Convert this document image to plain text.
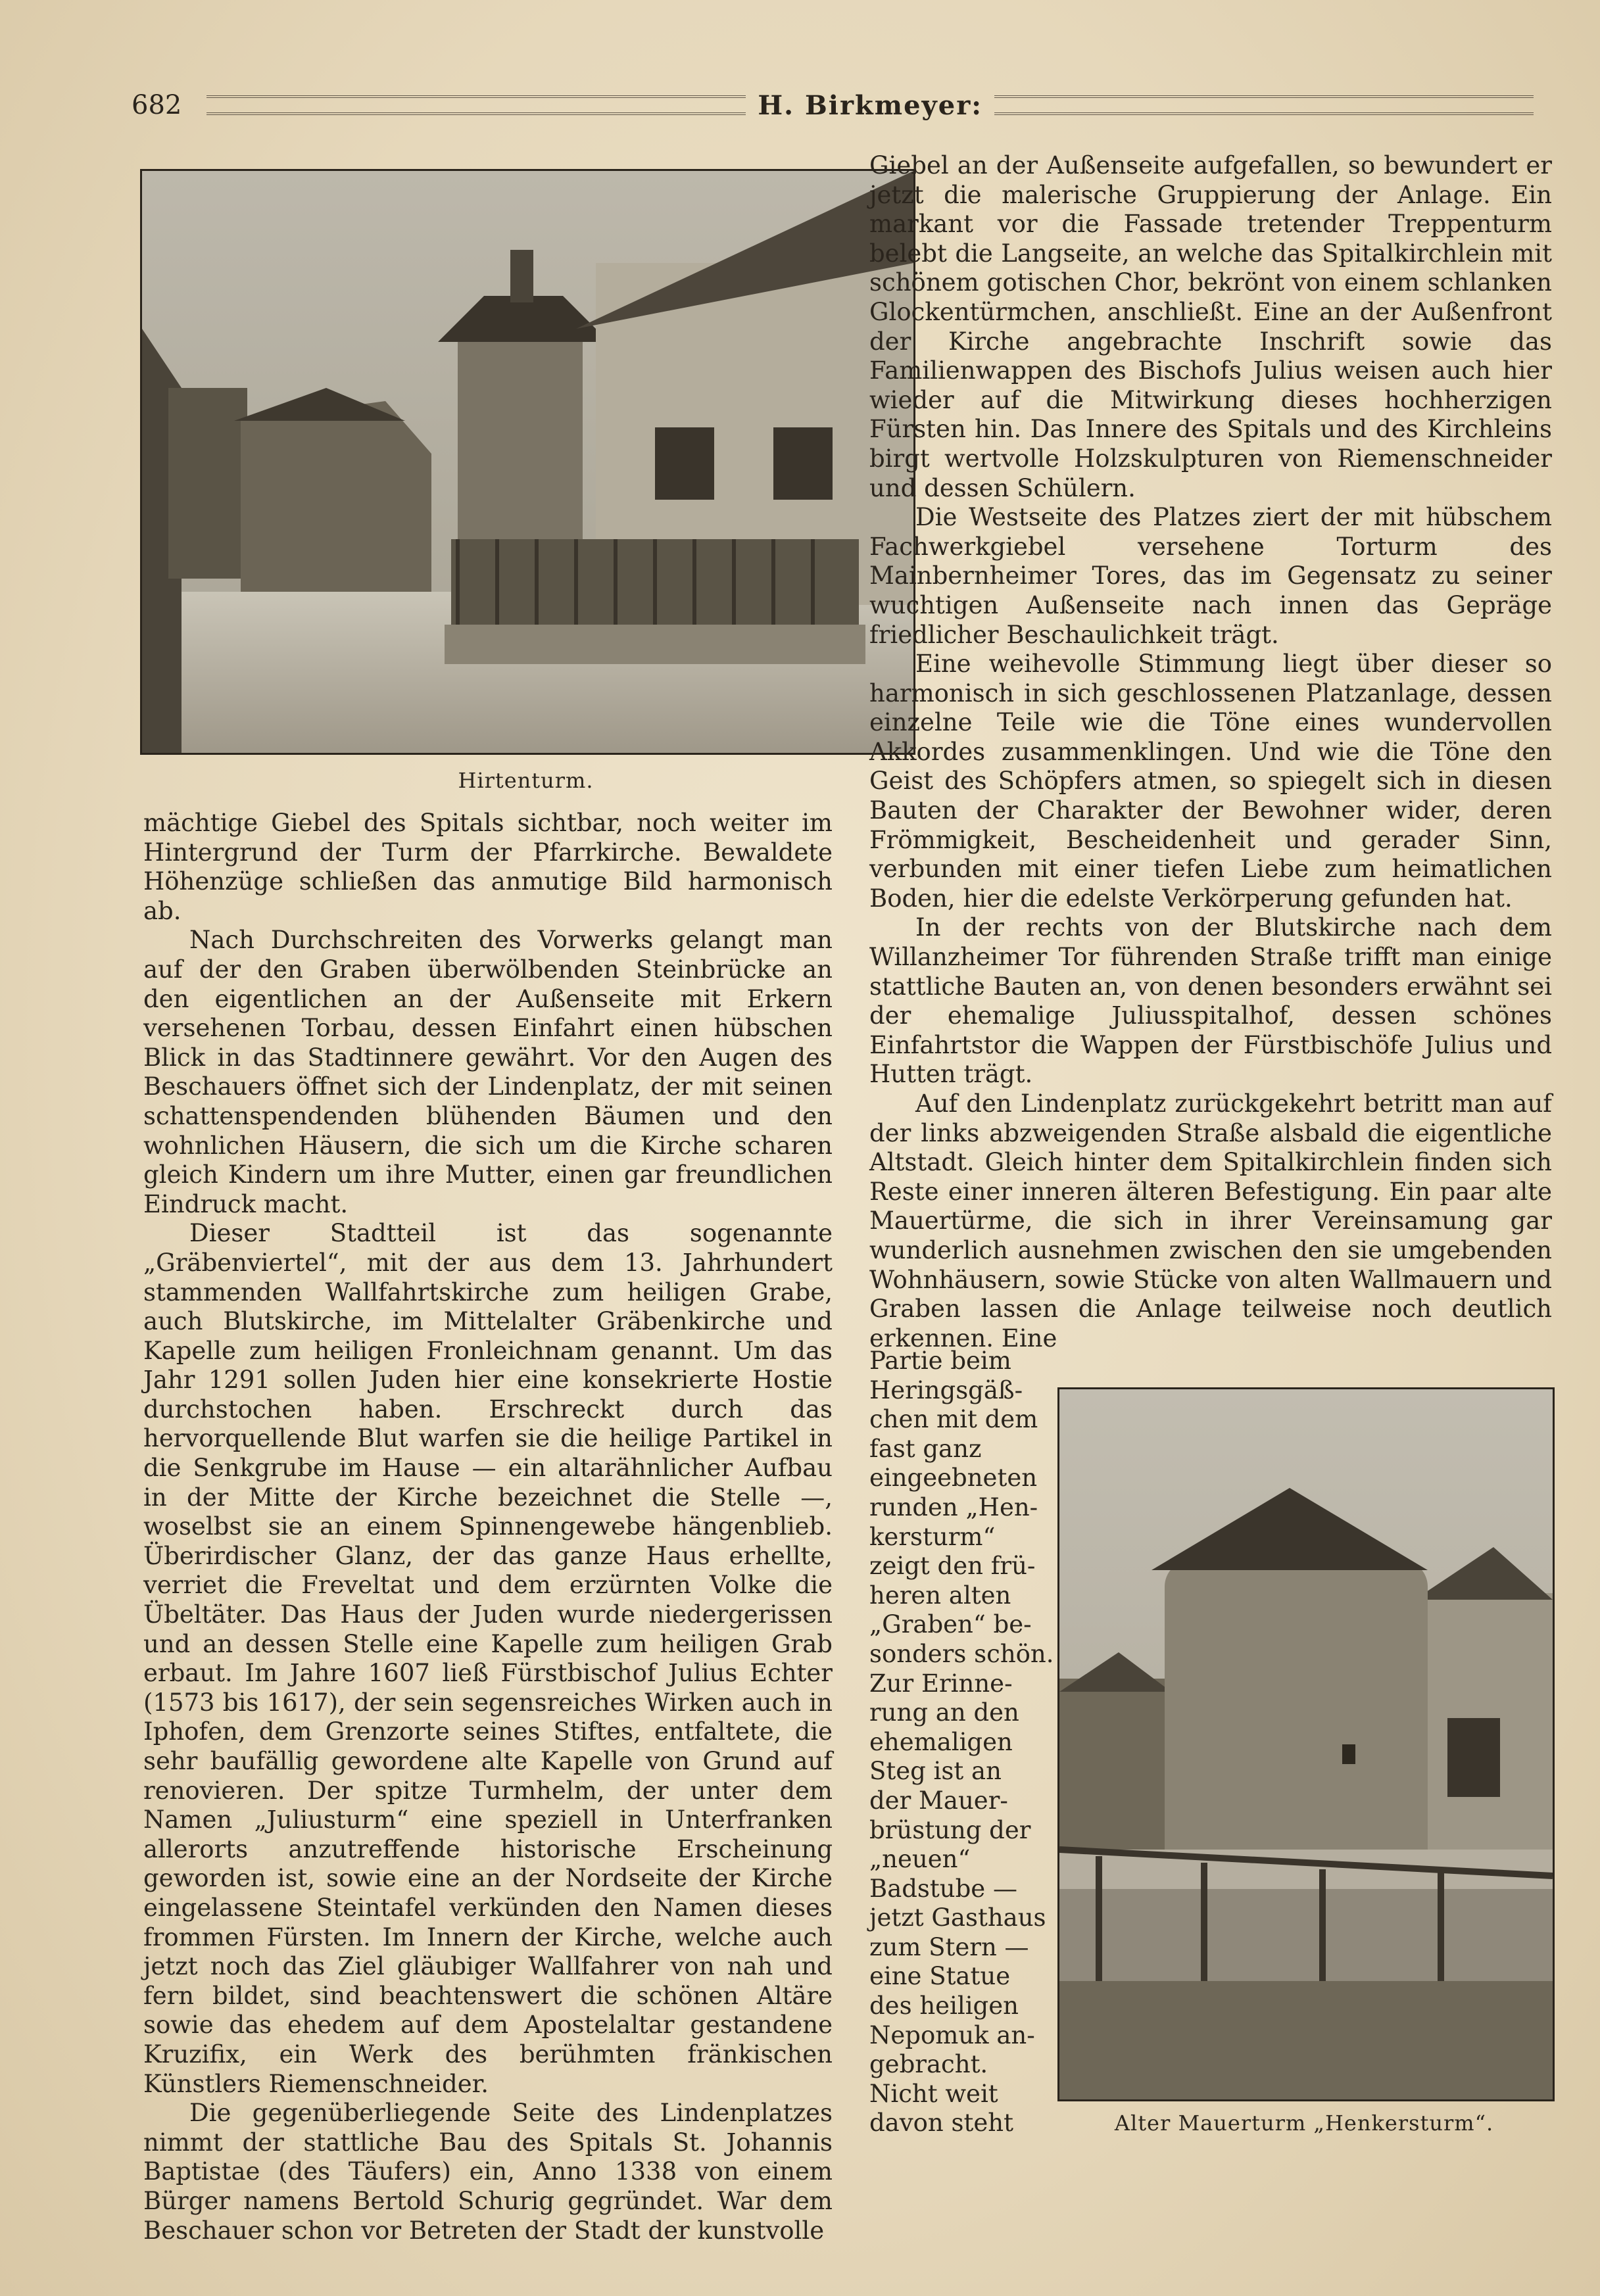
682	H. Birkmeyer:
Hirtenturm.

mächtige Giebel des Spitals sichtbar, noch weiter im Hintergrund der Turm der Pfarrkirche. Bewaldete Höhenzüge schließen das anmutige Bild harmonisch ab.

Nach Durchschreiten des Vorwerks gelangt man auf der den Graben überwölbenden Steinbrücke an den eigentlichen an der Außenseite mit Erkern versehenen Torbau, dessen Einfahrt einen hübschen Blick in das Stadtinnere gewährt. Vor den Augen des Beschauers öffnet sich der Lindenplatz, der mit seinen schattenspendenden blühenden Bäumen und den wohnlichen Häusern, die sich um die Kirche scharen gleich Kindern um ihre Mutter, einen gar freundlichen Eindruck macht.

Dieser Stadtteil ist das sogenannte „Gräbenviertel“, mit der aus dem 13. Jahrhundert stammenden Wallfahrtskirche zum heiligen Grabe, auch Blutskirche, im Mittelalter Gräbenkirche und Kapelle zum heiligen Fronleichnam genannt. Um das Jahr 1291 sollen Juden hier eine konsekrierte Hostie durchstochen haben. Erschreckt durch das hervorquellende Blut warfen sie die heilige Partikel in die Senkgrube im Hause — ein altarähnlicher Aufbau in der Mitte der Kirche bezeichnet die Stelle —, woselbst sie an einem Spinnengewebe hängenblieb. Überirdischer Glanz, der das ganze Haus erhellte, verriet die Freveltat und dem erzürnten Volke die Übeltäter. Das Haus der Juden wurde niedergerissen und an dessen Stelle eine Kapelle zum heiligen Grab erbaut. Im Jahre 1607 ließ Fürstbischof Julius Echter (1573 bis 1617), der sein segensreiches Wirken auch in Iphofen, dem Grenzorte seines Stiftes, entfaltete, die sehr baufällig gewordene alte Kapelle von Grund auf renovieren. Der spitze Turmhelm, der unter dem Namen „Juliusturm“ eine speziell in Unterfranken allerorts anzutreffende historische Erscheinung geworden ist, sowie eine an der Nordseite der Kirche eingelassene Steintafel verkünden den Namen dieses frommen Fürsten. Im Innern der Kirche, welche auch jetzt noch das Ziel gläubiger Wallfahrer von nah und fern bildet, sind beachtenswert die schönen Altäre sowie das ehedem auf dem Apostelaltar gestandene Kruzifix, ein Werk des berühmten fränkischen Künstlers Riemenschneider.

Die gegenüberliegende Seite des Lindenplatzes nimmt der stattliche Bau des Spitals St. Johannis Baptistae (des Täufers) ein, Anno 1338 von einem Bürger namens Bertold Schurig gegründet. War dem Beschauer schon vor Betreten der Stadt der kunstvolle

Giebel an der Außenseite aufgefallen, so bewundert er jetzt die malerische Gruppierung der Anlage. Ein markant vor die Fassade tretender Treppenturm belebt die Langseite, an welche das Spitalkirchlein mit schönem gotischen Chor, bekrönt von einem schlanken Glockentürmchen, anschließt. Eine an der Außenfront der Kirche angebrachte Inschrift sowie das Familienwappen des Bischofs Julius weisen auch hier wieder auf die Mitwirkung dieses hochherzigen Fürsten hin. Das Innere des Spitals und des Kirchleins birgt wertvolle Holzskulpturen von Riemenschneider und dessen Schülern.

Die Westseite des Platzes ziert der mit hübschem Fachwerkgiebel versehene Torturm des Mainbernheimer Tores, das im Gegensatz zu seiner wuchtigen Außenseite nach innen das Gepräge friedlicher Beschaulichkeit trägt.

Eine weihevolle Stimmung liegt über dieser so harmonisch in sich geschlossenen Platzanlage, dessen einzelne Teile wie die Töne eines wundervollen Akkordes zusammenklingen. Und wie die Töne den Geist des Schöpfers atmen, so spiegelt sich in diesen Bauten der Charakter der Bewohner wider, deren Frömmigkeit, Bescheidenheit und gerader Sinn, verbunden mit einer tiefen Liebe zum heimatlichen Boden, hier die edelste Verkörperung gefunden hat.

In der rechts von der Blutskirche nach dem Willanzheimer Tor führenden Straße trifft man einige stattliche Bauten an, von denen besonders erwähnt sei der ehemalige Juliusspitalhof, dessen schönes Einfahrtstor die Wappen der Fürstbischöfe Julius und Hutten trägt.

Auf den Lindenplatz zurückgekehrt betritt man auf der links abzweigenden Straße alsbald die eigentliche Altstadt. Gleich hinter dem Spitalkirchlein finden sich Reste einer inneren älteren Befestigung. Ein paar alte Mauertürme, die sich in ihrer Vereinsamung gar wunderlich ausnehmen zwischen den sie umgebenden Wohnhäusern, sowie Stücke von alten Wallmauern und Graben lassen die Anlage teilweise noch deutlich erkennen. Eine

Partie beim
Heringsgäß-
chen mit dem
fast ganz
eingeebneten
runden „Hen-
kersturm“
zeigt den frü-
heren alten
„Graben“ be-
sonders schön.
Zur Erinne-
rung an den
ehemaligen
Steg ist an
der Mauer-
brüstung der
„neuen“
Badstube —
jetzt Gasthaus
zum Stern —
eine Statue
des heiligen
Nepomuk an-
gebracht.
Nicht weit
davon steht	Alter Mauerturm „Henkersturm“.
